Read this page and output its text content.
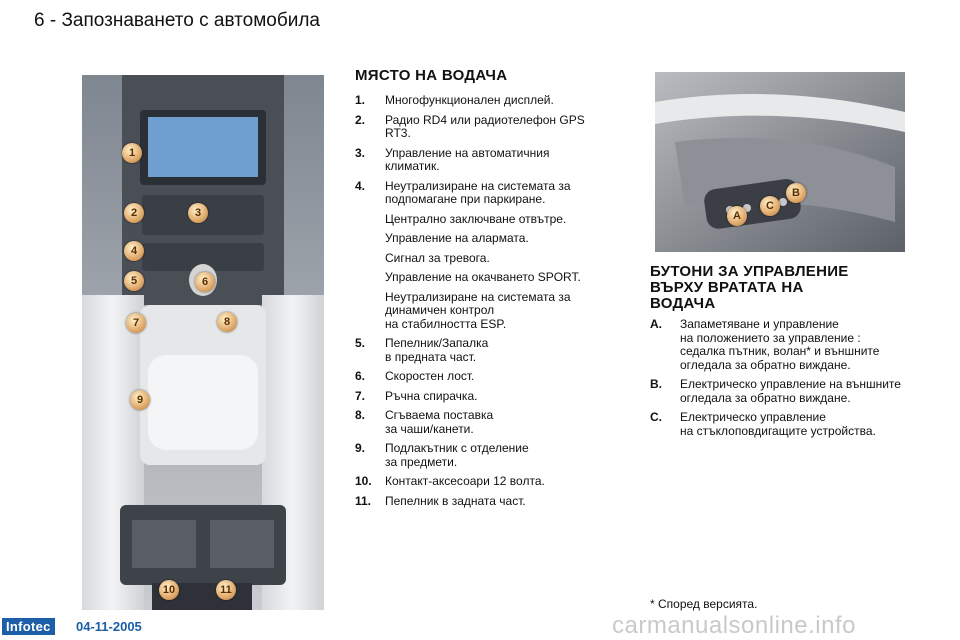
6 - Запознаването с автомобила
1
2	3
4
5	6
7	8
9
10	11
МЯСТО НА ВОДАЧА
1. Многофункционален дисплей.
2. Радио RD4 или радиотелефон GPS
RT3.
3. Управление на автоматичния
климатик.
4. Неутрализиране на системата за
подпомагане при паркиране.
Централно заключване отвътре.
Управление на алармата.
Сигнал за тревога.
Управление на окачването SPORT.
Неутрализиране на системата за
динамичен контрол
на стабилността ESP.
5. Пепелник/Запалка
в предната част.
6. Скоростен лост.
7. Ръчна спирачка.
8. Сгъваема поставка
за чаши/канети.
9. Подлакътник с отделение
за предмети.
10. Контакт-аксесоари 12 волта.
11. Пепелник в задната част.
A
C
B
БУТОНИ ЗА УПРАВЛЕНИЕ
ВЪРХУ ВРАТАТА НА
ВОДАЧА
A. Запаметяване и управление
на положението за управление :
седалка пътник, волан* и външните
огледала за обратно виждане.
B. Електрическо управление на външните
огледала за обратно виждане.
C. Електрическо управление
на стъклоповдигащите устройства.
* Според версията.
Infotec	04-11-2005	carmanualsonline.info
